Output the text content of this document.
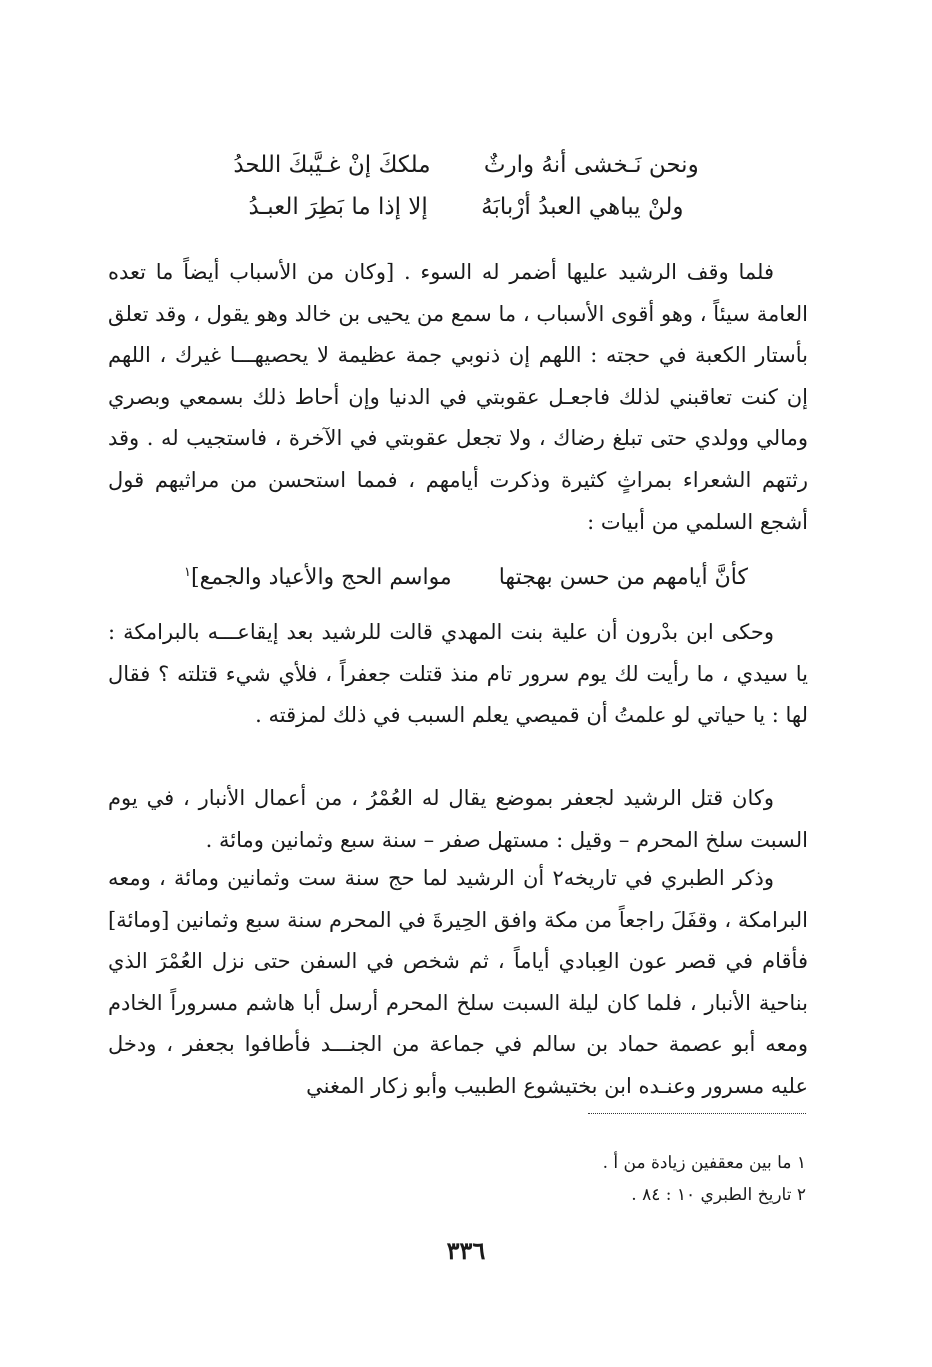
ونحن نَـخشى أنهُ وارثٌ ملككَ إنْ غـيَّبكَ اللحدُ
ولنْ يباهي العبدُ أرْبابَهُ إلا إذا ما بَطِرَ العبـدُ

فلما وقف الرشيد عليها أضمر له السوء . [وكان من الأسباب أيضاً ما تعده العامة سيئاً ، وهو أقوى الأسباب ، ما سمع من يحيى بن خالد وهو يقول ، وقد تعلق بأستار الكعبة في حجته : اللهم إن ذنوبي جمة عظيمة لا يحصيهـــا غيرك ، اللهم إن كنت تعاقبني لذلك فاجعـل عقوبتي في الدنيا وإن أحاط ذلك بسمعي وبصري ومالي وولدي حتى تبلغ رضاك ، ولا تجعل عقوبتي في الآخرة ، فاستجيب له . وقد رثتهم الشعراء بمراثٍ كثيرة وذكرت أيامهم ، فمما استحسن من مراثيهم قول أشجع السلمي من أبيات :

كأنَّ أيامهم من حسن بهجتها مواسم الحج والأعياد والجمع]$^١$

وحكى ابن بدْرون أن علية بنت المهدي قالت للرشيد بعد إيقاعـــه بالبرامكة : يا سيدي ، ما رأيت لك يوم سرور تام منذ قتلت جعفراً ، فلأي شيء قتلته ؟ فقال لها : يا حياتي لو علمتُ أن قميصي يعلم السبب في ذلك لمزقته .

وكان قتل الرشيد لجعفر بموضع يقال له العُمْرُ ، من أعمال الأنبار ، في يوم السبت سلخ المحرم – وقيل : مستهل صفر – سنة سبع وثمانين ومائة .

وذكر الطبري في تاريخه٢ أن الرشيد لما حج سنة ست وثمانين ومائة ، ومعه البرامكة ، وقفَلَ راجعاً من مكة وافق الحِيرةَ في المحرم سنة سبع وثمانين [ومائة] فأقام في قصر عون العِبادي أياماً ، ثم شخص في السفن حتى نزل العُمْرَ الذي بناحية الأنبار ، فلما كان ليلة السبت سلخ المحرم أرسل أبا هاشم مسروراً الخادم ومعه أبو عصمة حماد بن سالم في جماعة من الجنـــد فأطافوا بجعفر ، ودخل عليه مسرور وعنـده ابن بختيشوع الطبيب وأبو زكار المغني

١ ما بين معقفين زيادة من أ .
٢ تاريخ الطبري ١٠ : ٨٤ .
٣٣٦
